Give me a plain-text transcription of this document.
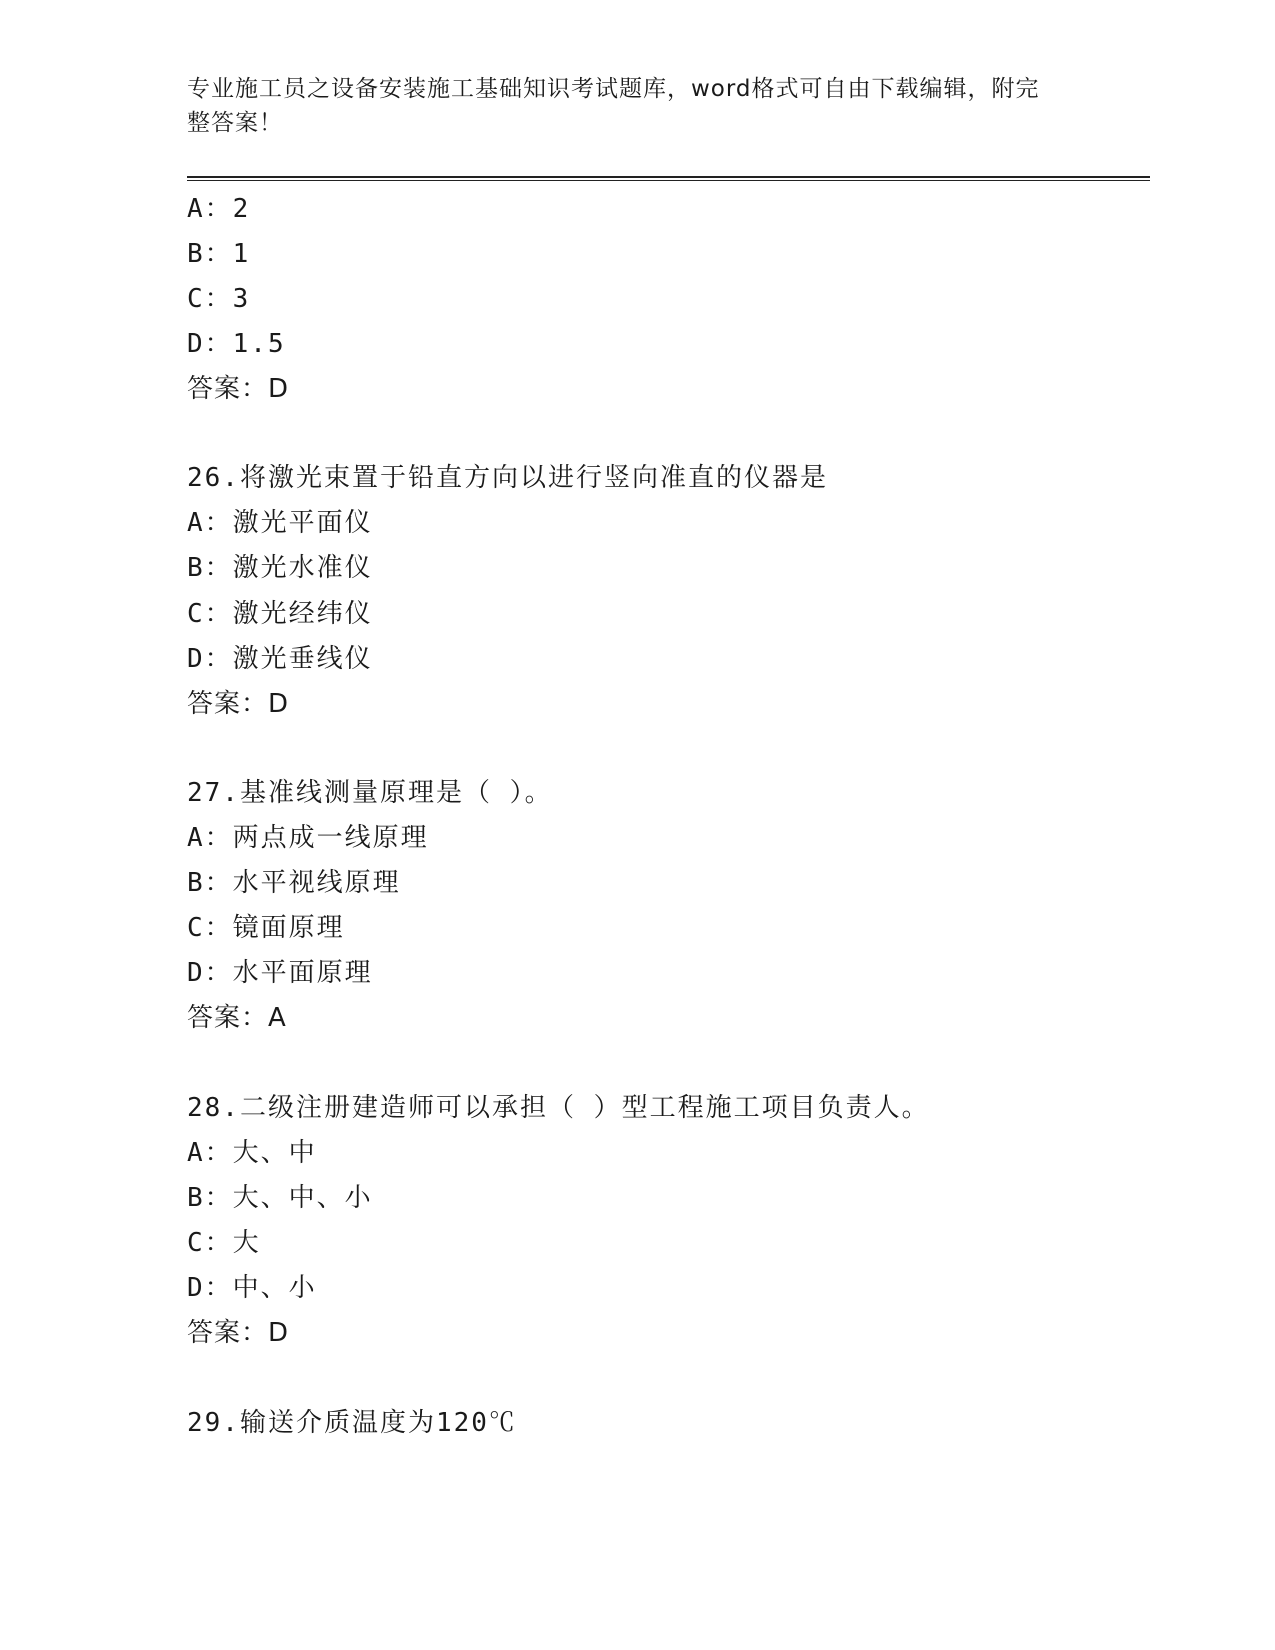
专业施工员之设备安装施工基础知识考试题库，word格式可自由下载编辑，附完
整答案！
A：2
B：1
C：3
D：1.5
答案：D
26.将激光束置于铅直方向以进行竖向准直的仪器是
A：激光平面仪
B：激光水准仪
C：激光经纬仪
D：激光垂线仪
答案：D
27.基准线测量原理是（ ）。
A：两点成一线原理
B：水平视线原理
C：镜面原理
D：水平面原理
答案：A
28.二级注册建造师可以承担（ ）型工程施工项目负责人。
A：大、中
B：大、中、小
C：大
D：中、小
答案：D
29.输送介质温度为120℃
